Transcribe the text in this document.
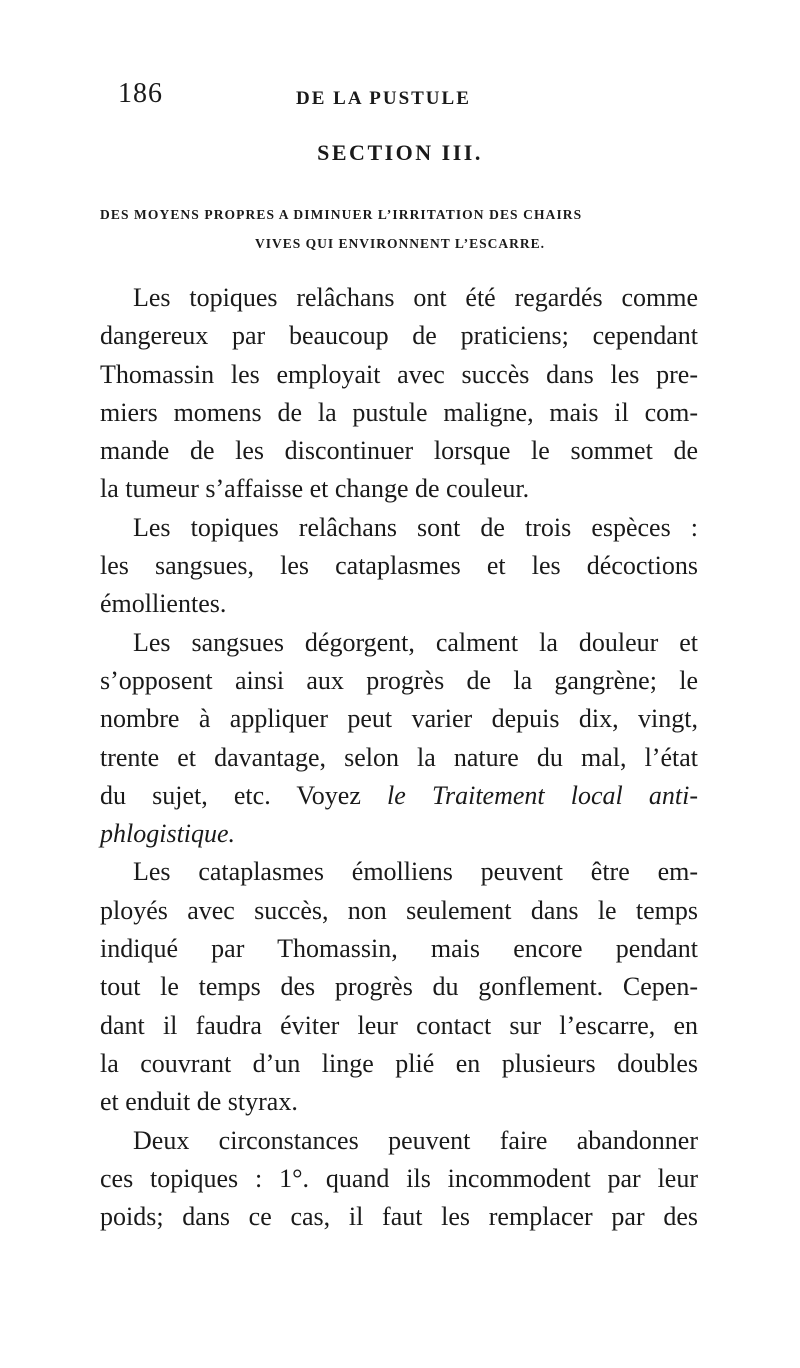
186	DE LA PUSTULE
SECTION III.
DES MOYENS PROPRES A DIMINUER L’IRRITATION DES CHAIRS
VIVES QUI ENVIRONNENT L’ESCARRE.
Les topiques relâchans ont été regardés comme
dangereux par beaucoup de praticiens; cependant
Thomassin les employait avec succès dans les pre-
miers momens de la pustule maligne, mais il com-
mande de les discontinuer lorsque le sommet de
la tumeur s’affaisse et change de couleur.
Les topiques relâchans sont de trois espèces :
les sangsues, les cataplasmes et les décoctions
émollientes.
Les sangsues dégorgent, calment la douleur et
s’opposent ainsi aux progrès de la gangrène; le
nombre à appliquer peut varier depuis dix, vingt,
trente et davantage, selon la nature du mal, l’état
du sujet, etc. Voyez le Traitement local anti-
phlogistique.
Les cataplasmes émolliens peuvent être em-
ployés avec succès, non seulement dans le temps
indiqué par Thomassin, mais encore pendant
tout le temps des progrès du gonflement. Cepen-
dant il faudra éviter leur contact sur l’escarre, en
la couvrant d’un linge plié en plusieurs doubles
et enduit de styrax.
Deux circonstances peuvent faire abandonner
ces topiques : 1°. quand ils incommodent par leur
poids; dans ce cas, il faut les remplacer par des
